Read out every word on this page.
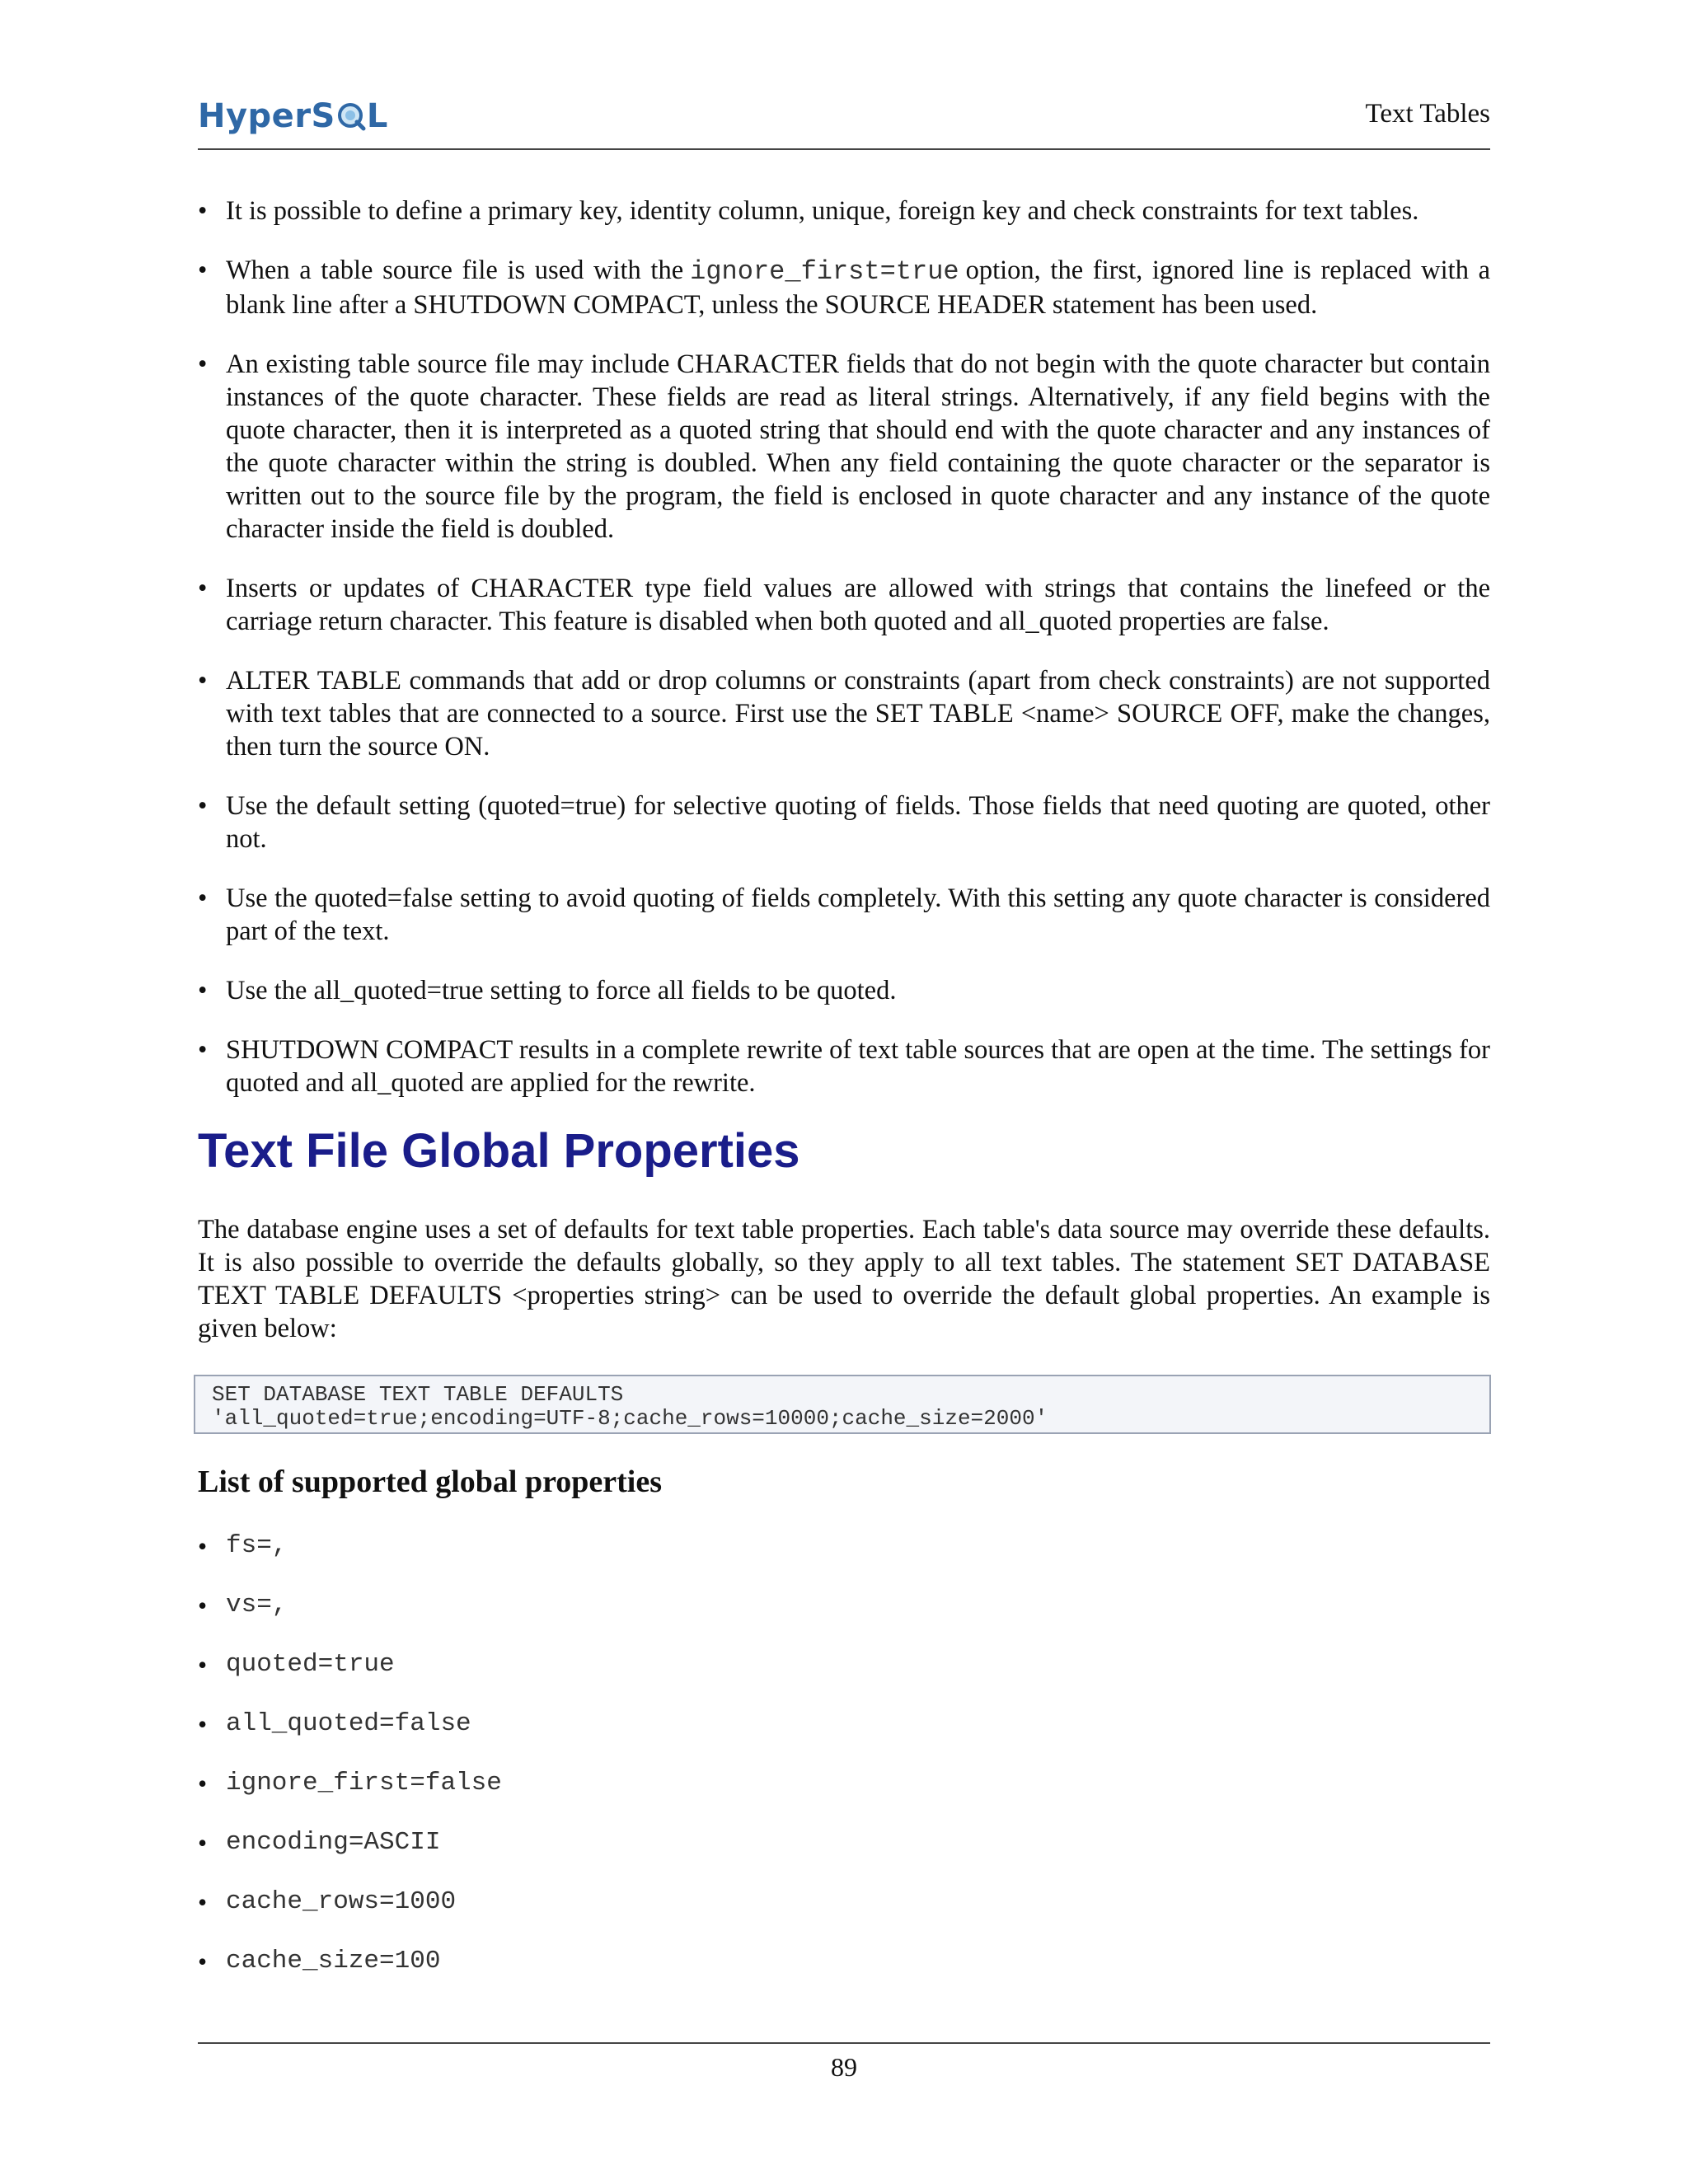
HyperS L	Text Tables
• It is possible to define a primary key, identity column, unique, foreign key and check constraints for text tables.
• When a table source file is used with the ignore_first=true option, the first, ignored line is replaced with a blank line after a SHUTDOWN COMPACT, unless the SOURCE HEADER statement has been used.
• An existing table source file may include CHARACTER fields that do not begin with the quote character but contain instances of the quote character. These fields are read as literal strings. Alternatively, if any field begins with the quote character, then it is interpreted as a quoted string that should end with the quote character and any instances of the quote character within the string is doubled. When any field containing the quote character or the separator is written out to the source file by the program, the field is enclosed in quote character and any instance of the quote character inside the field is doubled.
• Inserts or updates of CHARACTER type field values are allowed with strings that contains the linefeed or the carriage return character. This feature is disabled when both quoted and all_quoted properties are false.
• ALTER TABLE commands that add or drop columns or constraints (apart from check constraints) are not supported with text tables that are connected to a source. First use the SET TABLE <name> SOURCE OFF, make the changes, then turn the source ON.
• Use the default setting (quoted=true) for selective quoting of fields. Those fields that need quoting are quoted, other not.
• Use the quoted=false setting to avoid quoting of fields completely. With this setting any quote character is considered part of the text.
• Use the all_quoted=true setting to force all fields to be quoted.
• SHUTDOWN COMPACT results in a complete rewrite of text table sources that are open at the time. The settings for quoted and all_quoted are applied for the rewrite.
Text File Global Properties
The database engine uses a set of defaults for text table properties. Each table's data source may override these defaults. It is also possible to override the defaults globally, so they apply to all text tables. The statement SET DATABASE TEXT TABLE DEFAULTS <properties string> can be used to override the default global properties. An example is given below:
SET DATABASE TEXT TABLE DEFAULTS
'all_quoted=true;encoding=UTF-8;cache_rows=10000;cache_size=2000'
List of supported global properties
• fs=,
• vs=,
• quoted=true
• all_quoted=false
• ignore_first=false
• encoding=ASCII
• cache_rows=1000
• cache_size=100
89
